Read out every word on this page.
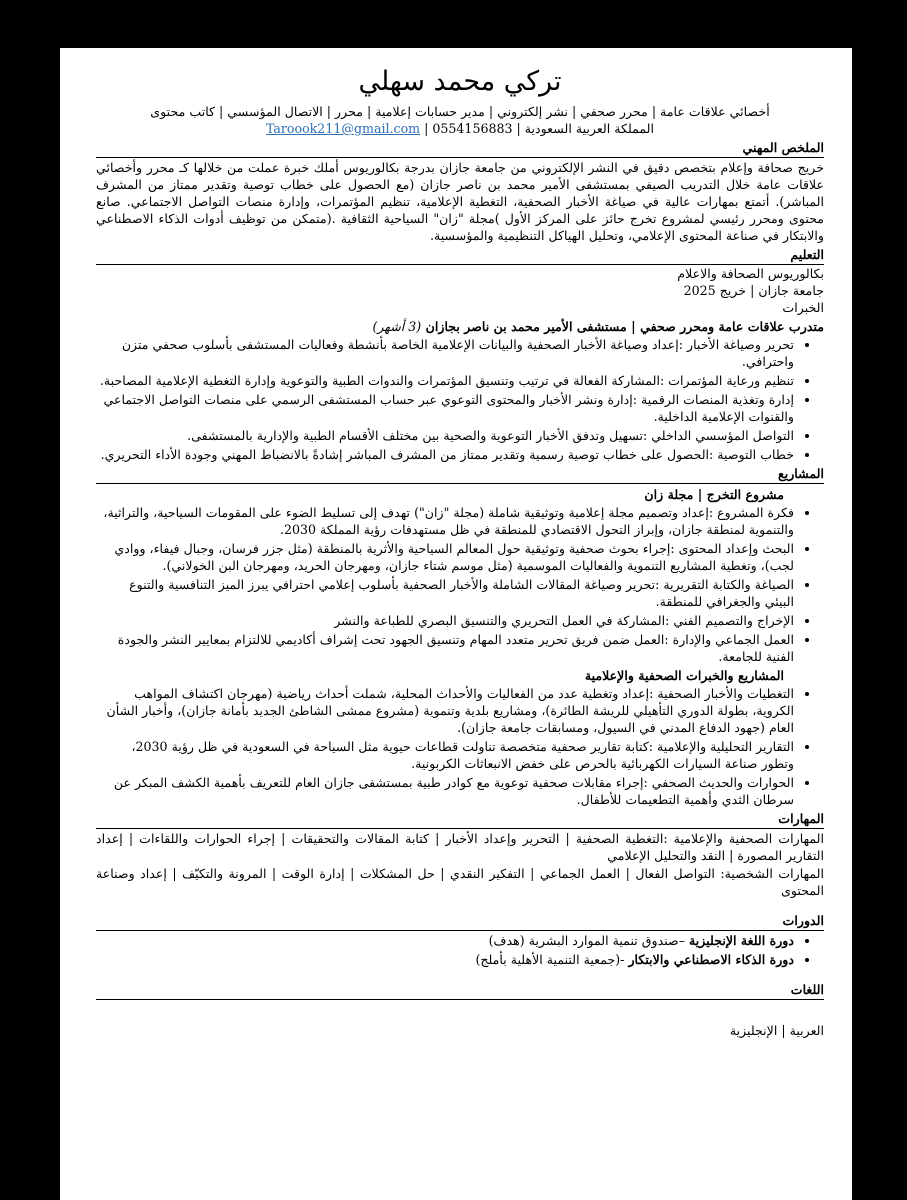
تركي محمد سهلي
أخصائي علاقات عامة | محرر صحفي | نشر إلكتروني | مدير حسابات إعلامية | محرر | الاتصال المؤسسي | كاتب محتوى
المملكة العربية السعودية | 0554156883 | Taroook211@gmail.com
الملخص المهني
خريج صحافة وإعلام بتخصص دقيق في النشر الإلكتروني من جامعة جازان بدرجة بكالوريوس أملك خبرة عملت من خلالها كـ محرر وأخصائي علاقات عامة خلال التدريب الصيفي بمستشفى الأمير محمد بن ناصر جازان (مع الحصول على خطاب توصية وتقدير ممتاز من المشرف المباشر). أتمتع بمهارات عالية في صياغة الأخبار الصحفية، التغطية الإعلامية، تنظيم المؤتمرات، وإدارة منصات التواصل الاجتماعي. صانع محتوى ومحرر رئيسي لمشروع تخرج حائز على المركز الأول )مجلة "زان" السياحية الثقافية .(متمكن من توظيف أدوات الذكاء الاصطناعي والابتكار في صناعة المحتوى الإعلامي، وتحليل الهياكل التنظيمية والمؤسسية.
التعليم
بكالوريوس الصحافة والاعلام
جامعة جازان | خريج 2025
الخبرات
متدرب علاقات عامة ومحرر صحفي | مستشفى الأمير محمد بن ناصر بجازان (3 أشهر)
• تحرير وصياغة الأخبار :إعداد وصياغة الأخبار الصحفية والبيانات الإعلامية الخاصة بأنشطة وفعاليات المستشفى بأسلوب صحفي متزن واحترافي.
• تنظيم ورعاية المؤتمرات :المشاركة الفعالة في ترتيب وتنسيق المؤتمرات والندوات الطبية والتوعوية وإدارة التغطية الإعلامية المصاحبة.
• إدارة وتغذية المنصات الرقمية :إدارة ونشر الأخبار والمحتوى التوعوي عبر حساب المستشفى الرسمي على منصات التواصل الاجتماعي والقنوات الإعلامية الداخلية.
• التواصل المؤسسي الداخلي :تسهيل وتدفق الأخبار التوعوية والصحية بين مختلف الأقسام الطبية والإدارية بالمستشفى.
• خطاب التوصية :الحصول على خطاب توصية رسمية وتقدير ممتاز من المشرف المباشر إشادةً بالانضباط المهني وجودة الأداء التحريري.
المشاريع
مشروع التخرج | مجلة زان
• فكرة المشروع :إعداد وتصميم مجلة إعلامية وتوثيقية شاملة (مجلة "زان") تهدف إلى تسليط الضوء على المقومات السياحية، والتراثية، والتنموية لمنطقة جازان، وإبراز التحول الاقتصادي للمنطقة في ظل مستهدفات رؤية المملكة 2030.
• البحث وإعداد المحتوى :إجراء بحوث صحفية وتوثيقية حول المعالم السياحية والأثرية بالمنطقة (مثل جزر فرسان، وجبال فيفاء، ووادي لجب)، وتغطية المشاريع التنموية والفعاليات الموسمية (مثل موسم شتاء جازان، ومهرجان الحريد، ومهرجان البن الخولاني).
• الصياغة والكتابة التقريرية :تحرير وصياغة المقالات الشاملة والأخبار الصحفية بأسلوب إعلامي احترافي يبرز الميز التنافسية والتنوع البيئي والجغرافي للمنطقة.
• الإخراج والتصميم الفني :المشاركة في العمل التحريري والتنسيق البصري للطباعة والنشر
• العمل الجماعي والإدارة :العمل ضمن فريق تحرير متعدد المهام وتنسيق الجهود تحت إشراف أكاديمي للالتزام بمعايير النشر والجودة الفنية للجامعة.
المشاريع والخبرات الصحفية والإعلامية
• التغطيات والأخبار الصحفية :إعداد وتغطية عدد من الفعاليات والأحداث المحلية، شملت أحداث رياضية (مهرجان اكتشاف المواهب الكروية، بطولة الدوري التأهيلي للريشة الطائرة)، ومشاريع بلدية وتنموية (مشروع ممشى الشاطئ الجديد بأمانة جازان)، وأخبار الشأن العام (جهود الدفاع المدني في السيول، ومسابقات جامعة جازان).
• التقارير التحليلية والإعلامية :كتابة تقارير صحفية متخصصة تناولت قطاعات حيوية مثل السياحة في السعودية في ظل رؤية 2030، وتطور صناعة السيارات الكهربائية بالحرص على خفض الانبعاثات الكربونية.
• الحوارات والحديث الصحفي :إجراء مقابلات صحفية توعوية مع كوادر طبية بمستشفى جازان العام للتعريف بأهمية الكشف المبكر عن سرطان الثدي وأهمية التطعيمات للأطفال.
المهارات
المهارات الصحفية والإعلامية :التغطية الصحفية | التحرير وإعداد الأخبار | كتابة المقالات والتحقيقات | إجراء الحوارات واللقاءات | إعداد التقارير المصورة | النقد والتحليل الإعلامي
المهارات الشخصية: التواصل الفعال | العمل الجماعي | التفكير النقدي | حل المشكلات | إدارة الوقت | المرونة والتكيّف | إعداد وصناعة المحتوى
الدورات
• دورة اللغة الإنجليزية –صندوق تنمية الموارد البشرية (هدف)
• دورة الذكاء الاصطناعي والابتكار -(جمعية التنمية الأهلية بأملج)
اللغات
العربية | الإنجليزية
